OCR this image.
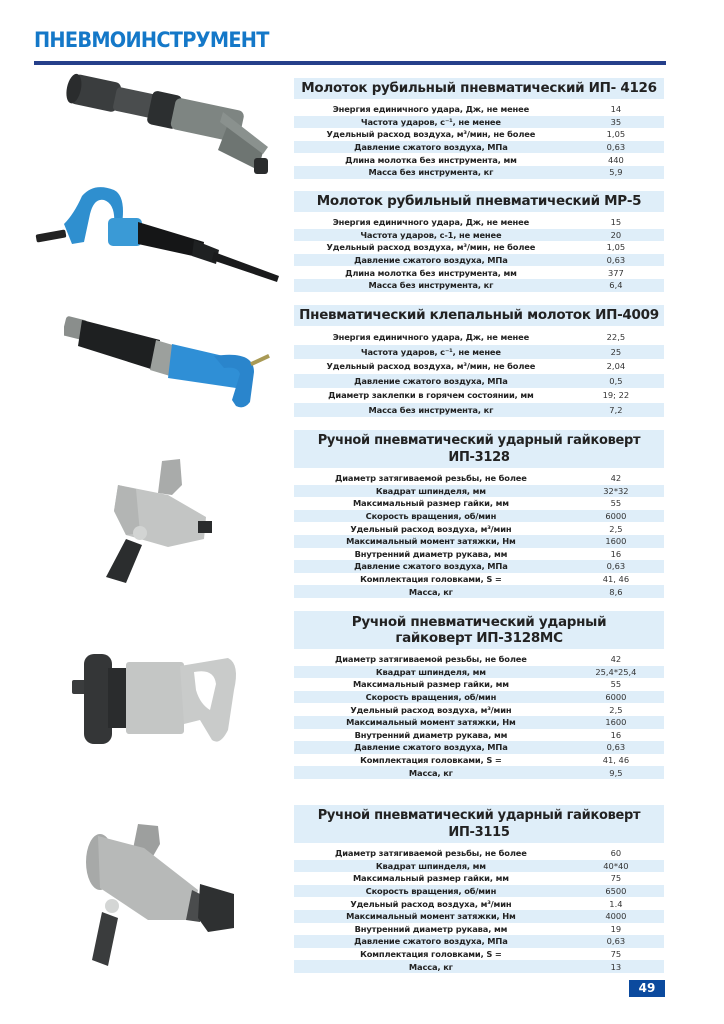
ПНЕВМОИНСТРУМЕНТ
Молоток рубильный пневматический ИП- 4126
Энергия единичного удара, Дж, не менее	14
Частота ударов, с⁻¹, не менее	35
Удельный расход воздуха, м³/мин, не более	1,05
Давление сжатого воздуха, МПа	0,63
Длина молотка без инструмента, мм	440
Масса без инструмента, кг	5,9
Молоток рубильный пневматический МР-5
Энергия единичного удара, Дж, не менее	15
Частота ударов, с-1, не менее	20
Удельный расход воздуха, м³/мин, не более	1,05
Давление сжатого воздуха, МПа	0,63
Длина молотка без инструмента, мм	377
Масса без инструмента, кг	6,4
Пневматический клепальный молоток ИП-4009
Энергия единичного удара, Дж, не менее	22,5
Частота ударов, с⁻¹, не менее	25
Удельный расход воздуха, м³/мин, не более	2,04
Давление сжатого воздуха, МПа	0,5
Диаметр заклепки в горячем состоянии, мм	19; 22
Масса без инструмента, кг	7,2
Ручной пневматический ударный гайковерт ИП-3128
Диаметр затягиваемой резьбы, не более	42
Квадрат шпинделя, мм	32*32
Максимальный размер гайки, мм	55
Скорость вращения, об/мин	6000
Удельный расход воздуха, м³/мин	2,5
Максимальный момент затяжки, Нм	1600
Внутренний диаметр рукава, мм	16
Давление сжатого воздуха, МПа	0,63
Комплектация головками, S =	41, 46
Масса, кг	8,6
Ручной пневматический ударный
гайковерт ИП-3128МС
Диаметр затягиваемой резьбы, не более	42
Квадрат шпинделя, мм	25,4*25,4
Максимальный размер гайки, мм	55
Скорость вращения, об/мин	6000
Удельный расход воздуха, м³/мин	2,5
Максимальный момент затяжки, Нм	1600
Внутренний диаметр рукава, мм	16
Давление сжатого воздуха, МПа	0,63
Комплектация головками, S =	41, 46
Масса, кг	9,5
Ручной пневматический ударный гайковерт ИП-3115
Диаметр затягиваемой резьбы, не более	60
Квадрат шпинделя, мм	40*40
Максимальный размер гайки, мм	75
Скорость вращения, об/мин	6500
Удельный расход воздуха, м³/мин	1.4
Максимальный момент затяжки, Нм	4000
Внутренний диаметр рукава, мм	19
Давление сжатого воздуха, МПа	0,63
Комплектация головками, S =	75
Масса, кг	13
49
